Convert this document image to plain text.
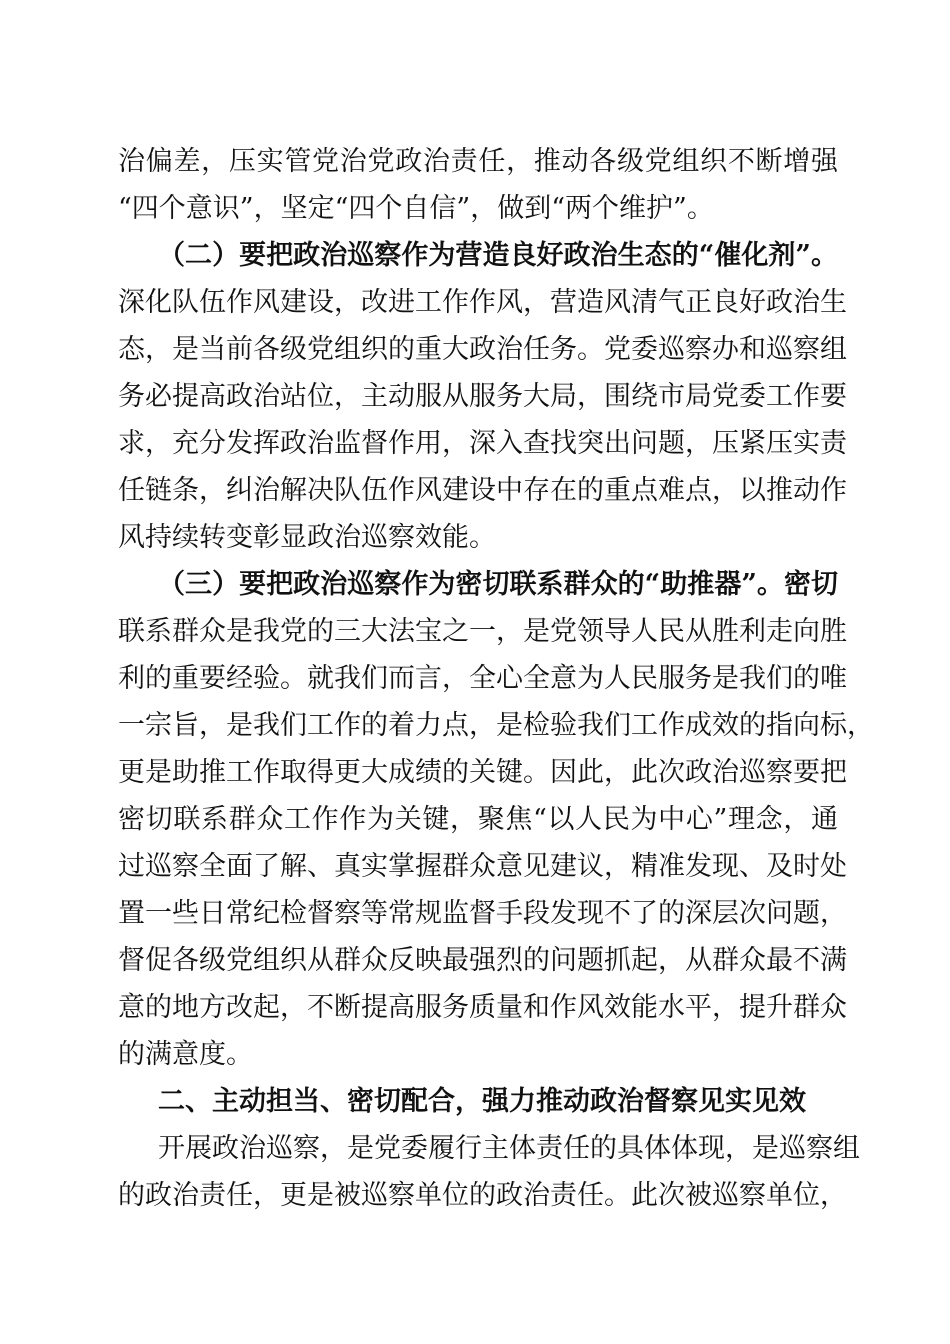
治偏差，压实管党治党政治责任，推动各级党组织不断增强
“四个意识”，坚定“四个自信”，做到“两个维护”。
（二）要把政治巡察作为营造良好政治生态的“催化剂”。
深化队伍作风建设，改进工作作风，营造风清气正良好政治生
态，是当前各级党组织的重大政治任务。党委巡察办和巡察组
务必提高政治站位，主动服从服务大局，围绕市局党委工作要
求，充分发挥政治监督作用，深入查找突出问题，压紧压实责
任链条，纠治解决队伍作风建设中存在的重点难点，以推动作
风持续转变彰显政治巡察效能。
（三）要把政治巡察作为密切联系群众的“助推器”。密切
联系群众是我党的三大法宝之一，是党领导人民从胜利走向胜
利的重要经验。就我们而言，全心全意为人民服务是我们的唯
一宗旨，是我们工作的着力点，是检验我们工作成效的指向标，
更是助推工作取得更大成绩的关键。因此，此次政治巡察要把
密切联系群众工作作为关键，聚焦“以人民为中心”理念，通
过巡察全面了解、真实掌握群众意见建议，精准发现、及时处
置一些日常纪检督察等常规监督手段发现不了的深层次问题，
督促各级党组织从群众反映最强烈的问题抓起，从群众最不满
意的地方改起，不断提高服务质量和作风效能水平，提升群众
的满意度。
二、主动担当、密切配合，强力推动政治督察见实见效
开展政治巡察，是党委履行主体责任的具体体现，是巡察组
的政治责任，更是被巡察单位的政治责任。此次被巡察单位，
